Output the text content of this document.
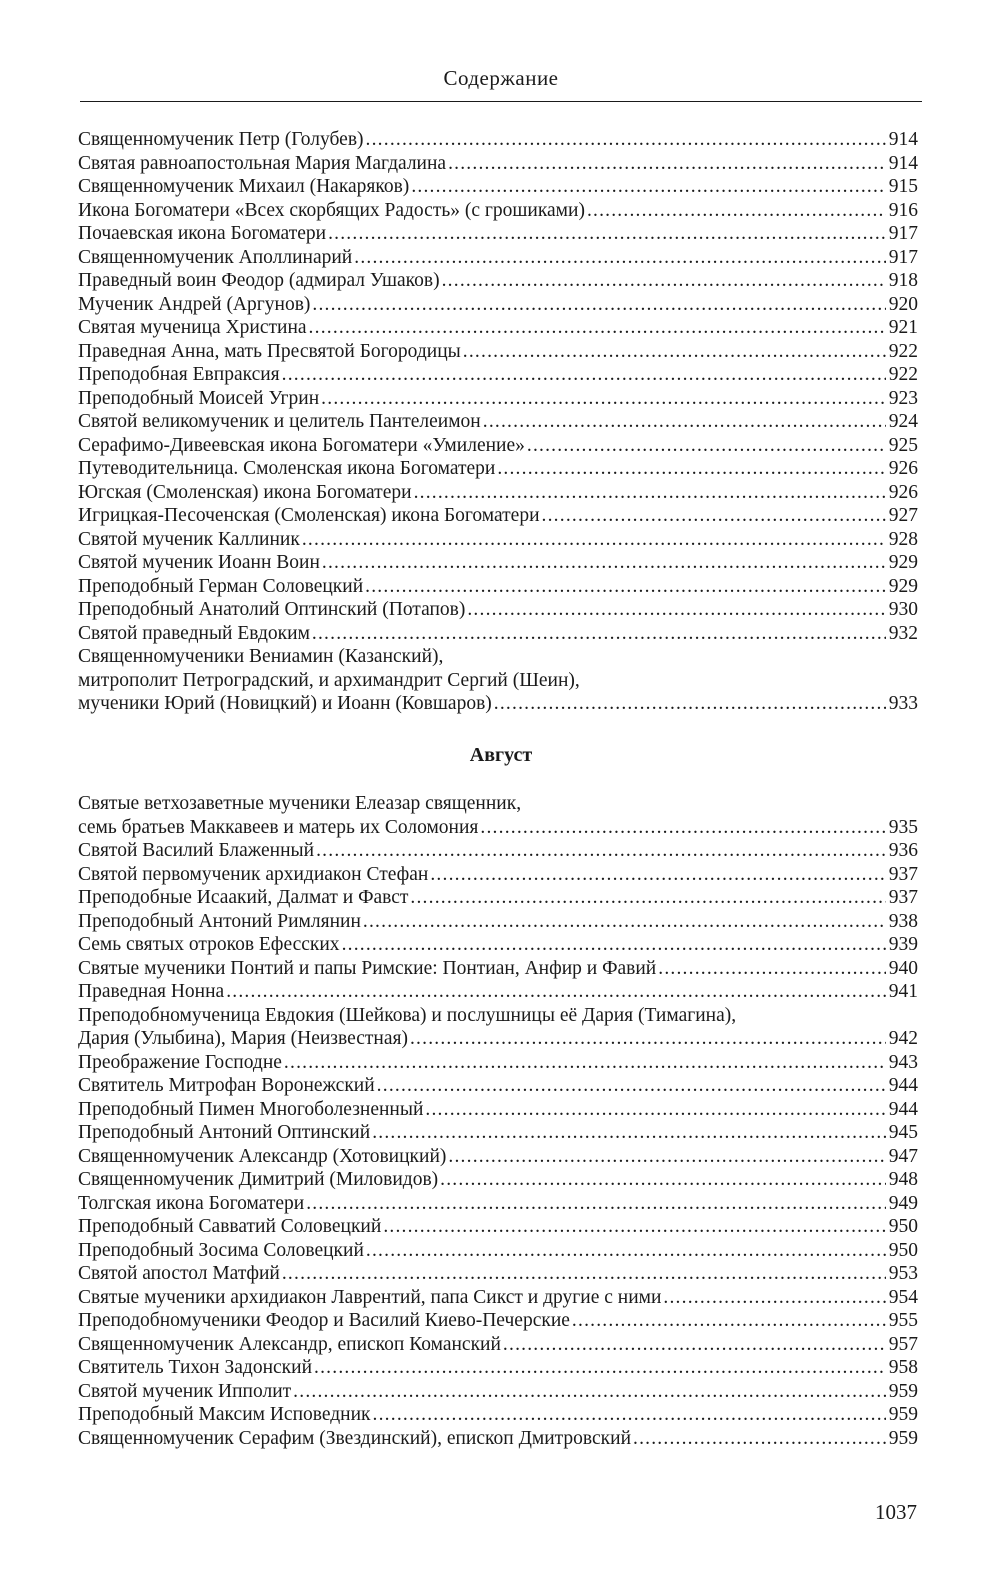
Содержание
Священномученик Петр (Голубев) .....	914
Святая равноапостольная Мария Магдалина .....	914
Священномученик Михаил (Накаряков) .....	915
Икона Богоматери «Всех скорбящих Радость» (с грошиками) .....	916
Почаевская икона Богоматери .....	917
Священномученик Аполлинарий .....	917
Праведный воин Феодор (адмирал Ушаков) .....	918
Мученик Андрей (Аргунов) .....	920
Святая мученица Христина .....	921
Праведная Анна, мать Пресвятой Богородицы .....	922
Преподобная Евпраксия .....	922
Преподобный Моисей Угрин .....	923
Святой великомученик и целитель Пантелеимон .....	924
Серафимо-Дивеевская икона Богоматери «Умиление» .....	925
Путеводительница. Смоленская икона Богоматери .....	926
Югская (Смоленская) икона Богоматери .....	926
Игрицкая-Песоченская (Смоленская) икона Богоматери .....	927
Святой мученик Каллиник .....	928
Святой мученик Иоанн Воин .....	929
Преподобный Герман Соловецкий .....	929
Преподобный Анатолий Оптинский (Потапов) .....	930
Святой праведный Евдоким .....	932
Священномученики Вениамин (Казанский),
митрополит Петроградский, и архимандрит Сергий (Шеин),
мученики Юрий (Новицкий) и Иоанн (Ковшаров) .....	933
Август
Святые ветхозаветные мученики Елеазар священник,
семь братьев Маккавеев и матерь их Соломония .....	935
Святой Василий Блаженный .....	936
Святой первомученик архидиакон Стефан .....	937
Преподобные Исаакий, Далмат и Фавст .....	937
Преподобный Антоний Римлянин .....	938
Семь святых отроков Ефесских .....	939
Святые мученики Понтий и папы Римские: Понтиан, Анфир и Фавий .....	940
Праведная Нонна .....	941
Преподобномученица Евдокия (Шейкова) и послушницы её Дария (Тимагина),
Дария (Улыбина), Мария (Неизвестная) .....	942
Преображение Господне .....	943
Святитель Митрофан Воронежский .....	944
Преподобный Пимен Многоболезненный .....	944
Преподобный Антоний Оптинский .....	945
Священномученик Александр (Хотовицкий) .....	947
Священномученик Димитрий (Миловидов) .....	948
Толгская икона Богоматери .....	949
Преподобный Савватий Соловецкий .....	950
Преподобный Зосима Соловецкий .....	950
Святой апостол Матфий .....	953
Святые мученики архидиакон Лаврентий, папа Сикст и другие с ними .....	954
Преподобномученики Феодор и Василий Киево-Печерские .....	955
Священномученик Александр, епископ Команский .....	957
Святитель Тихон Задонский .....	958
Святой мученик Ипполит .....	959
Преподобный Максим Исповедник .....	959
Священномученик Серафим (Звездинский), епископ Дмитровский .....	959
1037
